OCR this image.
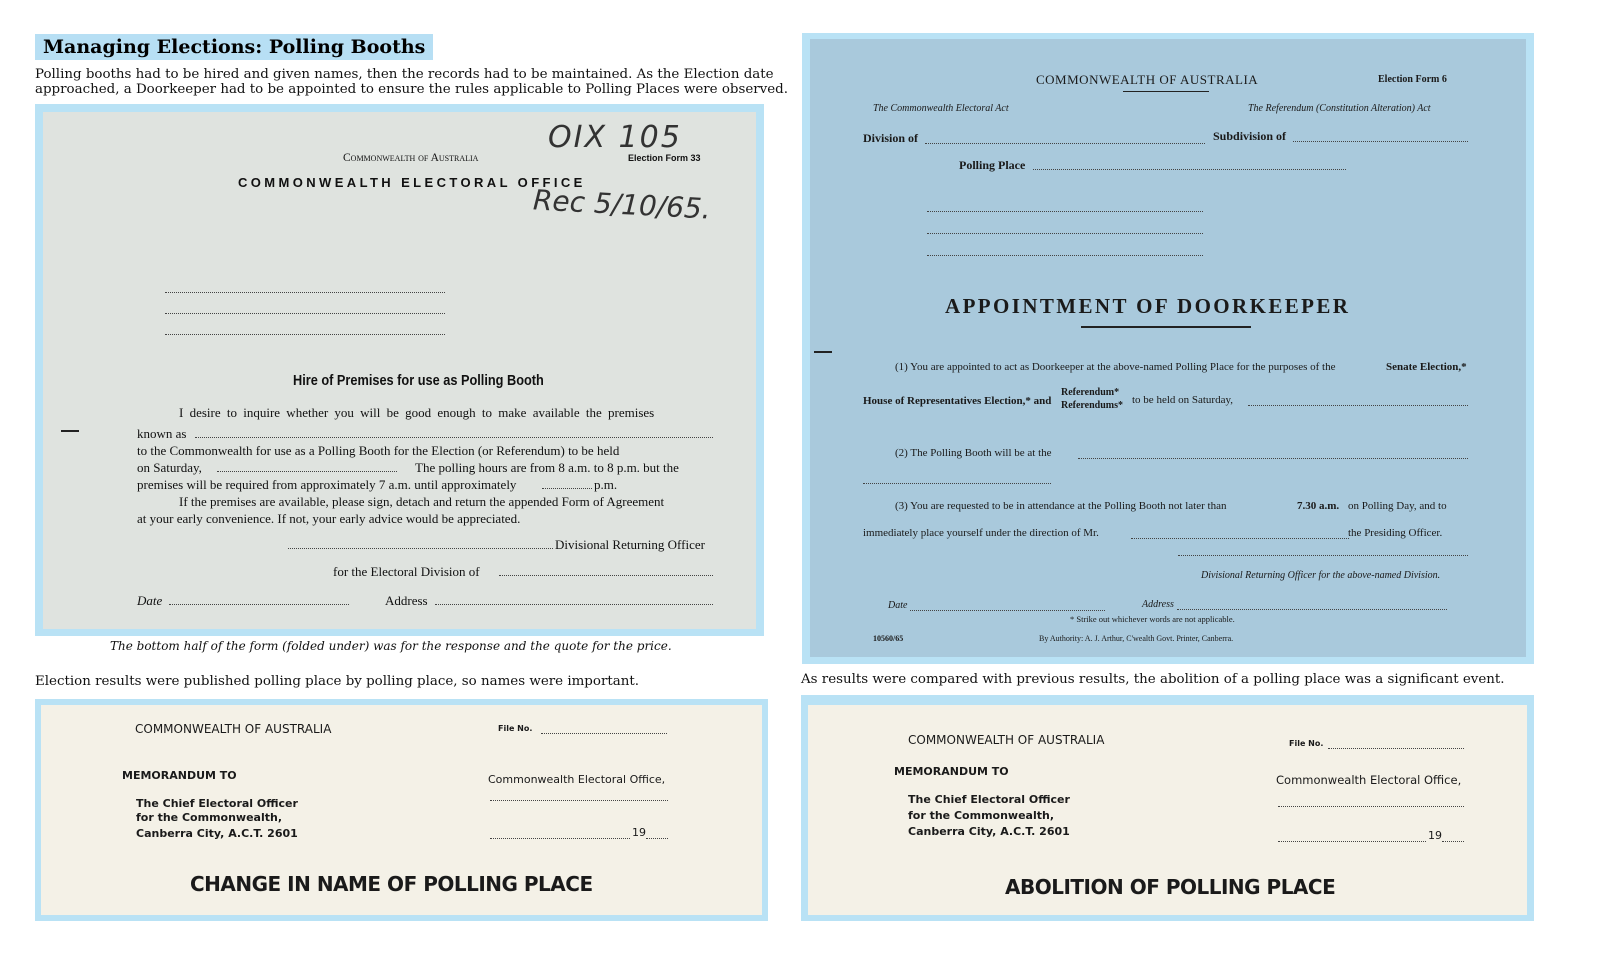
Managing Elections: Polling Booths
Polling booths had to be hired and given names, then the records had to be maintained. As the Election date approached, a Doorkeeper had to be appointed to ensure the rules applicable to Polling Places were observed.
Commonwealth of Australia	Election Form 33
COMMONWEALTH ELECTORAL OFFICE
OIX 105
Rec 5/10/65.
Hire of Premises for use as Polling Booth
I desire to inquire whether you will be good enough to make available the premises
known as
to the Commonwealth for use as a Polling Booth for the Election (or Referendum) to be held
on Saturday,	The polling hours are from 8 a.m. to 8 p.m. but the
premises will be required from approximately 7 a.m. until approximately	p.m.
If the premises are available, please sign, detach and return the appended Form of Agreement
at your early convenience. If not, your early advice would be appreciated.
Divisional Returning Officer
for the Electoral Division of
Date	Address
The bottom half of the form (folded under) was for the response and the quote for the price.
COMMONWEALTH OF AUSTRALIA	Election Form 6
The Commonwealth Electoral Act	The Referendum (Constitution Alteration) Act
Division of	Subdivision of
Polling Place
APPOINTMENT OF DOORKEEPER
(1) You are appointed to act as Doorkeeper at the above-named Polling Place for the purposes of the	Senate Election,*
House of Representatives Election,* and
Referendum*
Referendums* to be held on Saturday,
(2) The Polling Booth will be at the
(3) You are requested to be in attendance at the Polling Booth not later than	7.30 a.m. on Polling Day, and to
immediately place yourself under the direction of Mr.	the Presiding Officer.
Divisional Returning Officer for the above-named Division.
Date	Address
* Strike out whichever words are not applicable.
10560/65	By Authority: A. J. Arthur, C'wealth Govt. Printer, Canberra.
Election results were published polling place by polling place, so names were important.	As results were compared with previous results, the abolition of a polling place was a significant event.
COMMONWEALTH OF AUSTRALIA	File No.
MEMORANDUM TO	Commonwealth Electoral Office,
The Chief Electoral Officer
for the Commonwealth,
Canberra City, A.C.T. 2601	19
CHANGE IN NAME OF POLLING PLACE
COMMONWEALTH OF AUSTRALIA	File No.
MEMORANDUM TO
Commonwealth Electoral Office,
The Chief Electoral Officer
for the Commonwealth,
Canberra City, A.C.T. 2601	19
ABOLITION OF POLLING PLACE
